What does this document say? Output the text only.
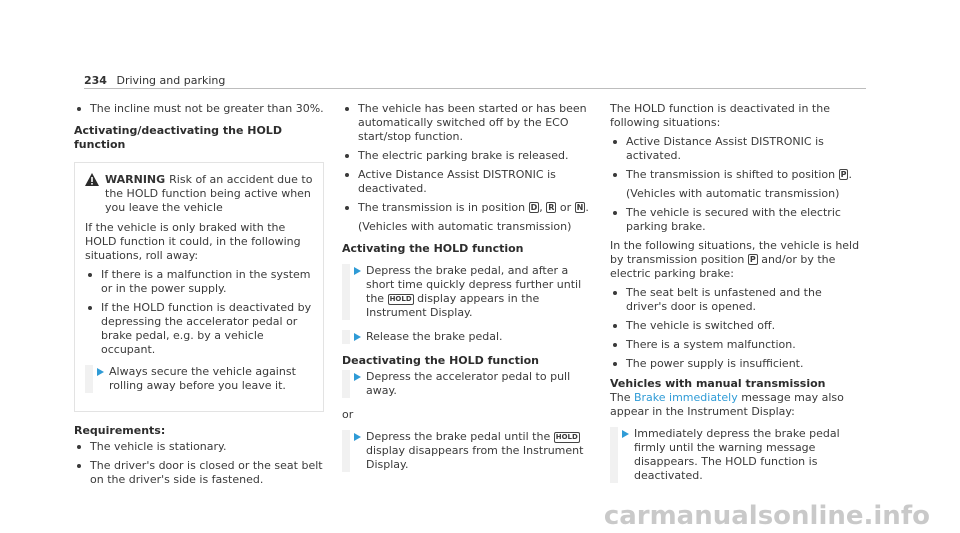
234 Driving and parking
The incline must not be greater than 30%.
Activating/deactivating the HOLD function
WARNING Risk of an accident due to the HOLD function being active when you leave the vehicle
If the vehicle is only braked with the HOLD function it could, in the following situations, roll away:
If there is a malfunction in the system or in the power supply.
If the HOLD function is deactivated by depressing the accelerator pedal or brake pedal, e.g. by a vehicle occupant.
Always secure the vehicle against rolling away before you leave it.
Requirements:
The vehicle is stationary.
The driver's door is closed or the seat belt on the driver's side is fastened.
The vehicle has been started or has been automatically switched off by the ECO start/stop function.
The electric parking brake is released.
Active Distance Assist DISTRONIC is deactivated.
The transmission is in position D , R or N .
(Vehicles with automatic transmission)
Activating the HOLD function
Depress the brake pedal, and after a short time quickly depress further until the HOLD display appears in the Instrument Display.
Release the brake pedal.
Deactivating the HOLD function
Depress the accelerator pedal to pull away.
or
Depress the brake pedal until the HOLD display disappears from the Instrument Display.
The HOLD function is deactivated in the following situations:
Active Distance Assist DISTRONIC is activated.
The transmission is shifted to position P .
(Vehicles with automatic transmission)
The vehicle is secured with the electric parking brake.
In the following situations, the vehicle is held by transmission position P and/or by the electric parking brake:
The seat belt is unfastened and the driver's door is opened.
The vehicle is switched off.
There is a system malfunction.
The power supply is insufficient.
Vehicles with manual transmission
The Brake immediately message may also appear in the Instrument Display:
Immediately depress the brake pedal firmly until the warning message disappears. The HOLD function is deactivated.
carmanualsonline.info
